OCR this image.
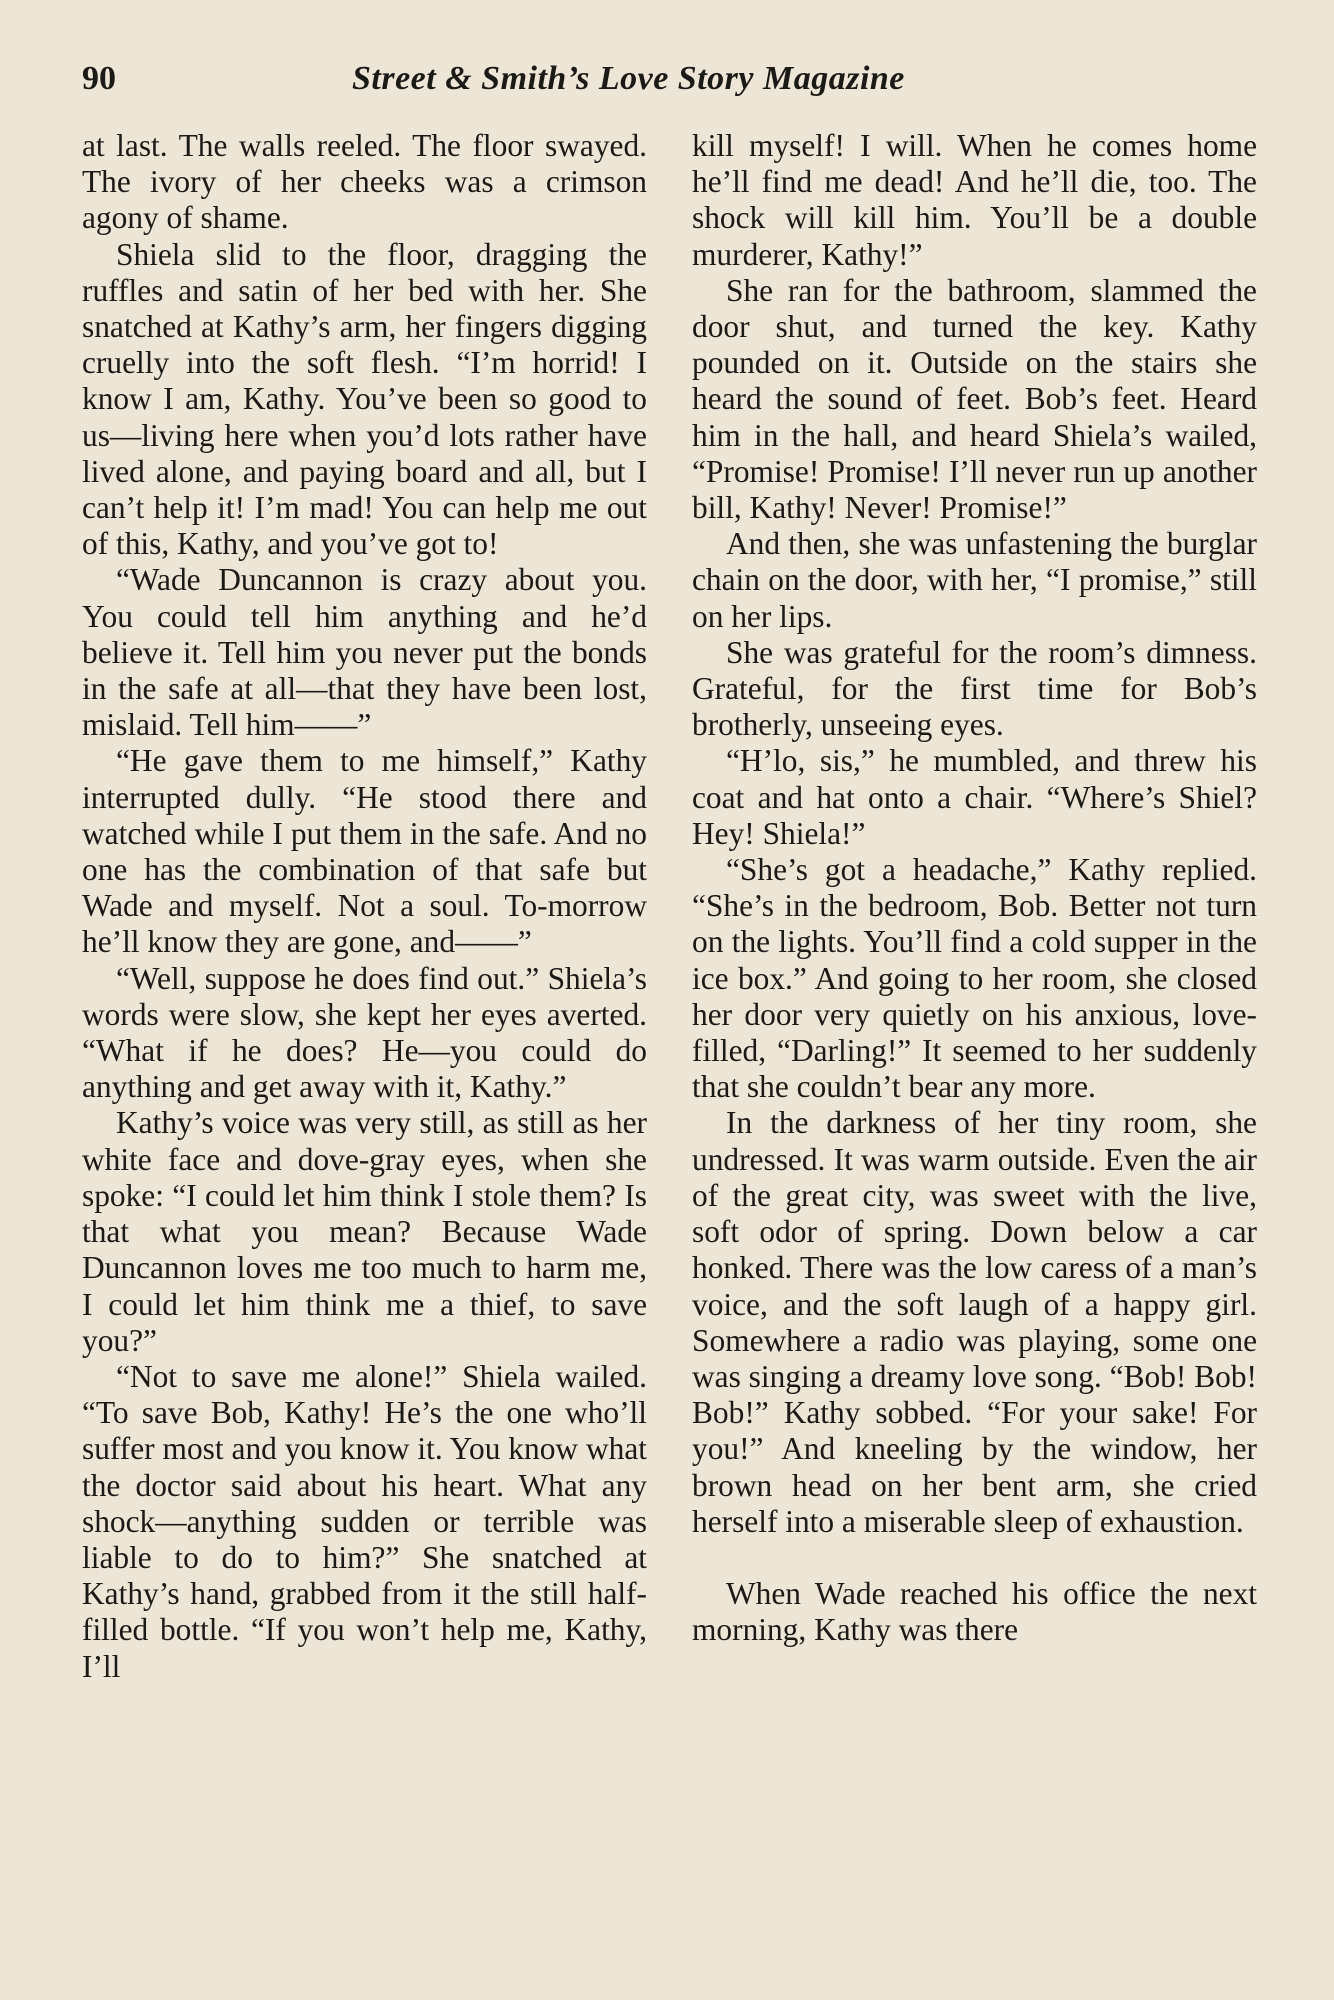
90	Street & Smith’s Love Story Magazine

at last. The walls reeled. The floor swayed. The ivory of her cheeks was a crimson agony of shame.

Shiela slid to the floor, dragging the ruffles and satin of her bed with her. She snatched at Kathy’s arm, her fingers digging cruelly into the soft flesh. “I’m horrid! I know I am, Kathy. You’ve been so good to us—living here when you’d lots rather have lived alone, and paying board and all, but I can’t help it! I’m mad! You can help me out of this, Kathy, and you’ve got to!

“Wade Duncannon is crazy about you. You could tell him anything and he’d believe it. Tell him you never put the bonds in the safe at all—that they have been lost, mislaid. Tell him——”

“He gave them to me himself,” Kathy interrupted dully. “He stood there and watched while I put them in the safe. And no one has the combination of that safe but Wade and myself. Not a soul. To-morrow he’ll know they are gone, and——”

“Well, suppose he does find out.” Shiela’s words were slow, she kept her eyes averted. “What if he does? He—you could do anything and get away with it, Kathy.”

Kathy’s voice was very still, as still as her white face and dove-gray eyes, when she spoke: “I could let him think I stole them? Is that what you mean? Because Wade Duncannon loves me too much to harm me, I could let him think me a thief, to save you?”

“Not to save me alone!” Shiela wailed. “To save Bob, Kathy! He’s the one who’ll suffer most and you know it. You know what the doctor said about his heart. What any shock—anything sudden or terrible was liable to do to him?” She snatched at Kathy’s hand, grabbed from it the still half-filled bottle. “If you won’t help me, Kathy, I’ll

kill myself! I will. When he comes home he’ll find me dead! And he’ll die, too. The shock will kill him. You’ll be a double murderer, Kathy!”

She ran for the bathroom, slammed the door shut, and turned the key. Kathy pounded on it. Outside on the stairs she heard the sound of feet. Bob’s feet. Heard him in the hall, and heard Shiela’s wailed, “Promise! Promise! I’ll never run up another bill, Kathy! Never! Promise!”

And then, she was unfastening the burglar chain on the door, with her, “I promise,” still on her lips.

She was grateful for the room’s dimness. Grateful, for the first time for Bob’s brotherly, unseeing eyes.

“H’lo, sis,” he mumbled, and threw his coat and hat onto a chair. “Where’s Shiel? Hey! Shiela!”

“She’s got a headache,” Kathy replied. “She’s in the bedroom, Bob. Better not turn on the lights. You’ll find a cold supper in the ice box.” And going to her room, she closed her door very quietly on his anxious, love-filled, “Darling!” It seemed to her suddenly that she couldn’t bear any more.

In the darkness of her tiny room, she undressed. It was warm outside. Even the air of the great city, was sweet with the live, soft odor of spring. Down below a car honked. There was the low caress of a man’s voice, and the soft laugh of a happy girl. Somewhere a radio was playing, some one was singing a dreamy love song. “Bob! Bob! Bob!” Kathy sobbed. “For your sake! For you!” And kneeling by the window, her brown head on her bent arm, she cried herself into a miserable sleep of exhaustion.

When Wade reached his office the next morning, Kathy was there
